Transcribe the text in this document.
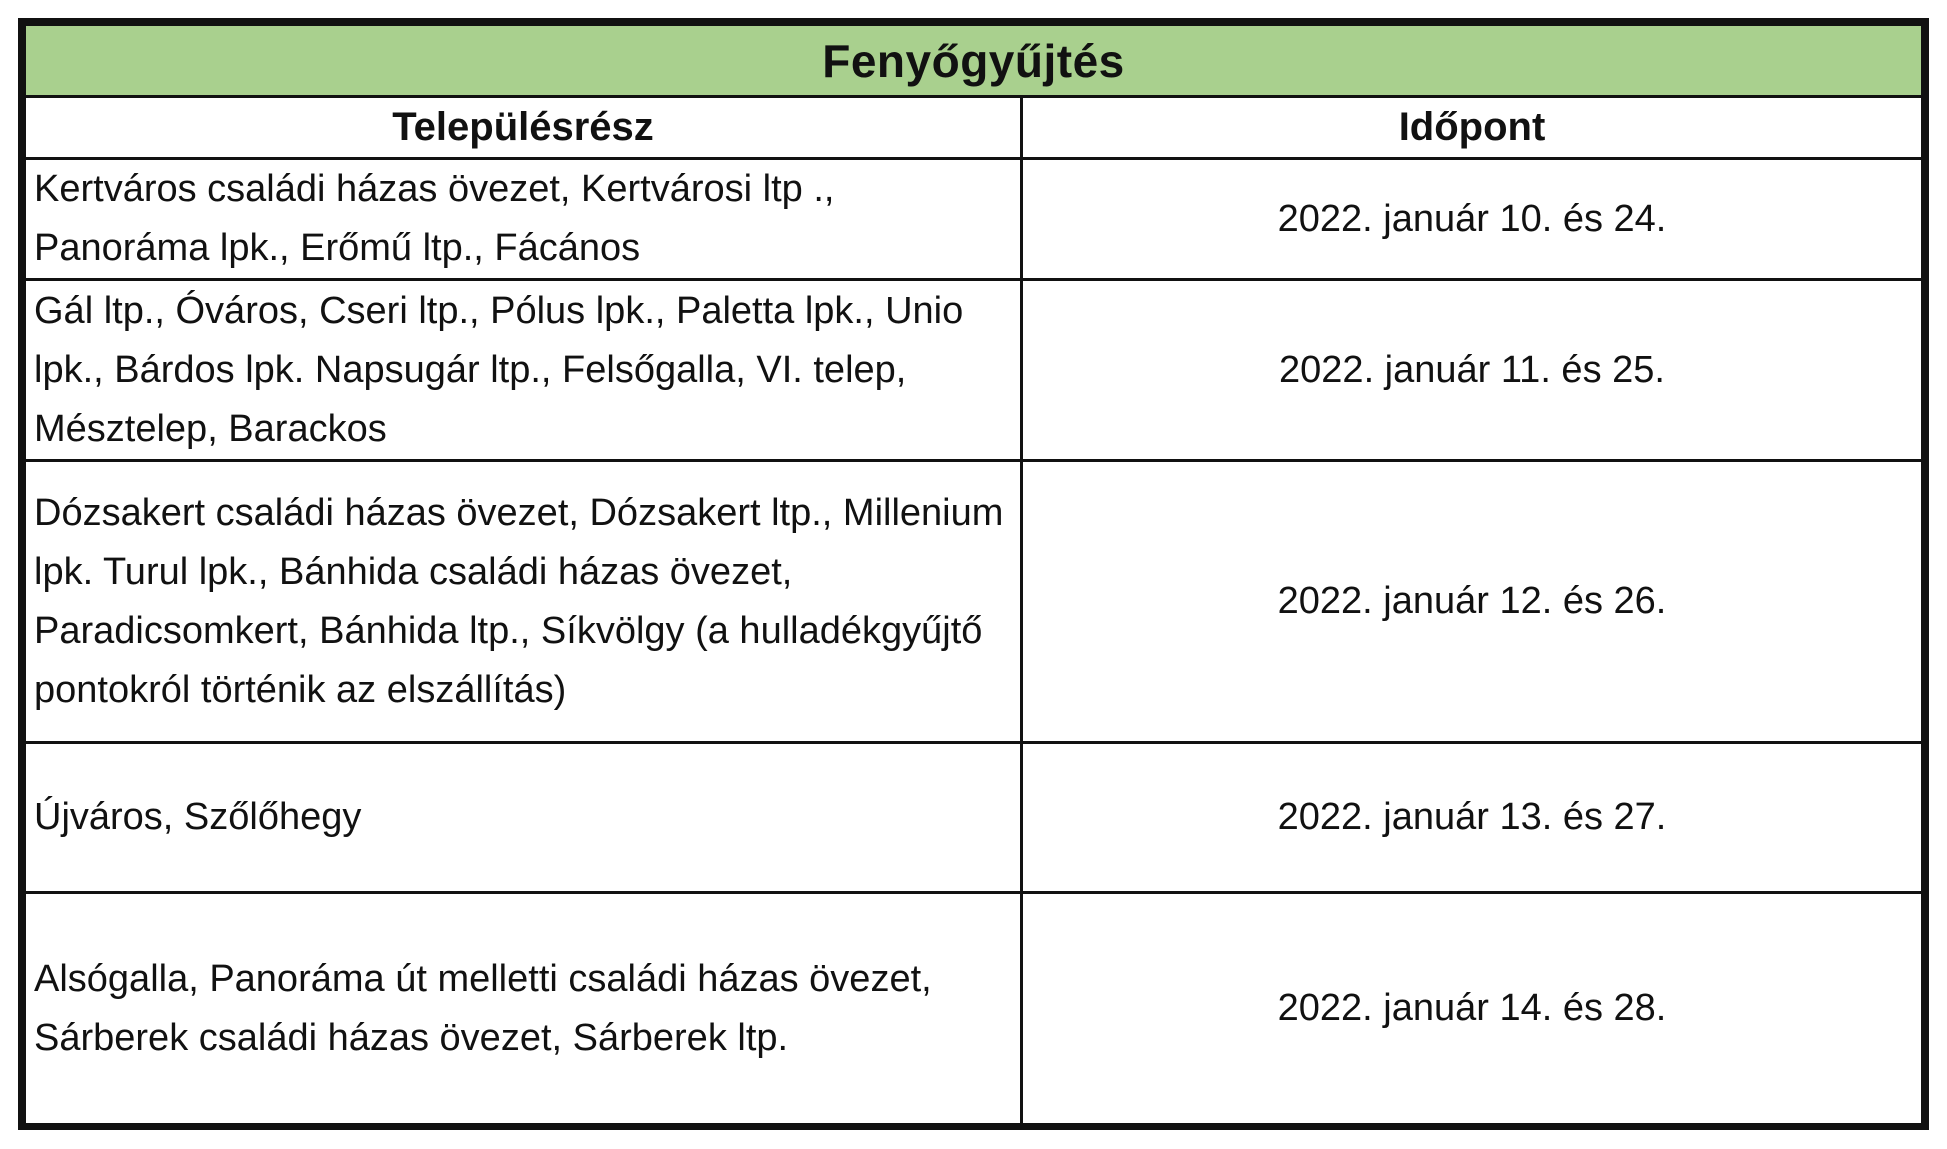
Fenyőgyűjtés	
Településrész	Időpont
Kertváros családi házas övezet, Kertvárosi ltp ., Panoráma lpk., Erőmű ltp., Fácános	2022. január 10. és 24.
Gál ltp., Óváros, Cseri ltp., Pólus lpk., Paletta lpk., Unio lpk., Bárdos lpk. Napsugár ltp., Felsőgalla, VI. telep, Mésztelep, Barackos	2022. január 11. és 25.
Dózsakert családi házas övezet, Dózsakert ltp., Millenium lpk. Turul lpk., Bánhida családi házas övezet, Paradicsomkert, Bánhida ltp., Síkvölgy (a hulladékgyűjtő pontokról történik az elszállítás)	2022. január 12. és 26.
Újváros, Szőlőhegy	2022. január 13. és 27.
Alsógalla, Panoráma út melletti családi házas övezet, Sárberek családi házas övezet, Sárberek ltp.	2022. január 14. és 28.
